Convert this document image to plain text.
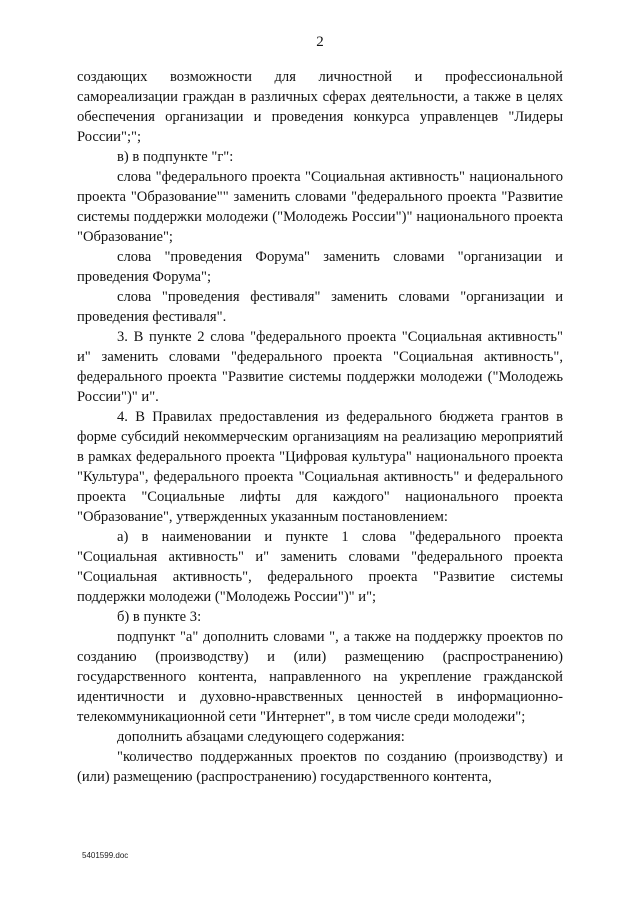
2

создающих возможности для личностной и профессиональной самореализации граждан в различных сферах деятельности, а также в целях обеспечения организации и проведения конкурса управленцев "Лидеры России";";

в) в подпункте "г":

слова "федерального проекта "Социальная активность" национального проекта "Образование"" заменить словами "федерального проекта "Развитие системы поддержки молодежи ("Молодежь России")" национального проекта "Образование";

слова "проведения Форума" заменить словами "организации и проведения Форума";

слова "проведения фестиваля" заменить словами "организации и проведения фестиваля".

3. В пункте 2 слова "федерального проекта "Социальная активность" и" заменить словами "федерального проекта "Социальная активность", федерального проекта "Развитие системы поддержки молодежи ("Молодежь России")" и".

4. В Правилах предоставления из федерального бюджета грантов в форме субсидий некоммерческим организациям на реализацию мероприятий в рамках федерального проекта "Цифровая культура" национального проекта "Культура", федерального проекта "Социальная активность" и федерального проекта "Социальные лифты для каждого" национального проекта "Образование", утвержденных указанным постановлением:

а) в наименовании и пункте 1 слова "федерального проекта "Социальная активность" и" заменить словами "федерального проекта "Социальная активность", федерального проекта "Развитие системы поддержки молодежи ("Молодежь России")" и";

б) в пункте 3:

подпункт "а" дополнить словами ", а также на поддержку проектов по созданию (производству) и (или) размещению (распространению) государственного контента, направленного на укрепление гражданской идентичности и духовно-нравственных ценностей в информационно-телекоммуникационной сети "Интернет", в том числе среди молодежи";

дополнить абзацами следующего содержания:

"количество поддержанных проектов по созданию (производству) и (или) размещению (распространению) государственного контента,

5401599.doc
